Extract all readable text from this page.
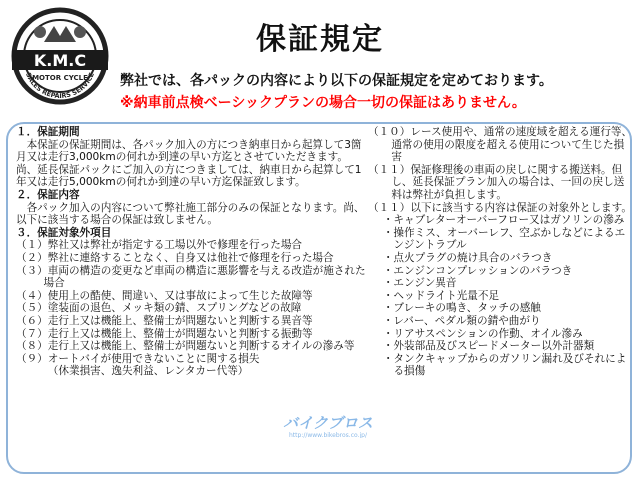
K.M.C
MOTOR CYCLE
SALES REPAIRS SERVICE
保証規定
弊社では、各パックの内容により以下の保証規定を定めております。
※納車前点検ベーシックプランの場合一切の保証はありません。
１．保証期間
本保証の保証期間は、各パック加入の方につき納車日から起算して3箇月又は走行3,000kmの何れか到達の早い方迄とさせていただきます。尚、延長保証パックにご加入の方につきましては、納車日から起算して1年又は走行5,000kmの何れか到達の早い方迄保証致します。
２．保証内容
各パック加入の内容について弊社施工部分のみの保証となります。尚、以下に該当する場合の保証は致しません。
３．保証対象外項目
（１）弊社又は弊社が指定する工場以外で修理を行った場合
（２）弊社に連絡することなく、自身又は他社で修理を行った場合
（３）車両の構造の変更など車両の構造に悪影響を与える改造が施された場合
（４）使用上の酷使、間違い、又は事故によって生じた故障等
（５）塗装面の退色、メッキ類の錆、スプリングなどの故障
（６）走行上又は機能上、整備士が問題ないと判断する異音等
（７）走行上又は機能上、整備士が問題ないと判断する振動等
（８）走行上又は機能上、整備士が問題ないと判断するオイルの滲み等
（９）オートバイが使用できないことに関する損失
（休業損害、逸失利益、レンタカー代等）
（１０）レース使用や、通常の速度域を超える運行等、通常の使用の限度を超える使用について生じた損害
（１１）保証修理後の車両の戻しに関する搬送料。但し、延長保証プラン加入の場合は、一回の戻し送料は弊社が負担します。
（１１）以下に該当する内容は保証の対象外とします。
・キャブレターオーバーフロー又はガソリンの滲み
・操作ミス、オーバーレフ、空ぶかしなどによるエンジントラブル
・点火プラグの焼け具合のバラつき
・エンジンコンプレッションのバラつき
・エンジン異音
・ヘッドライト光量不足
・ブレーキの鳴き、タッチの感触
・レバー、ペダル類の錆や曲がり
・リアサスペンションの作動、オイル滲み
・外装部品及びスピードメーター以外計器類
・タンクキャップからのガソリン漏れ及びそれによる損傷
バイクブロス
http://www.bikebros.co.jp/
